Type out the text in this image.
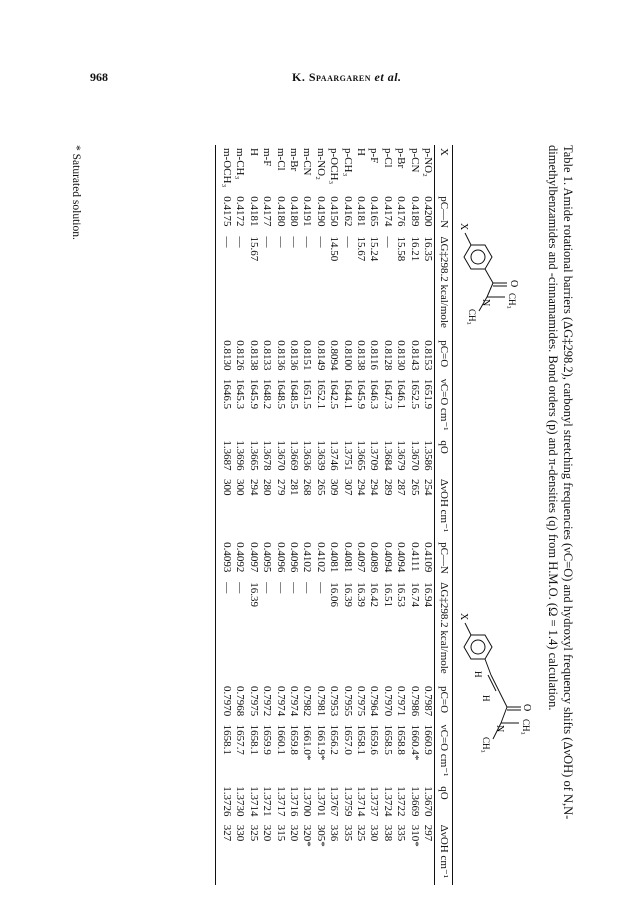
968	K. Spaargaren et al.
Table 1. Amide rotational barriers (ΔG‡298.2), carbonyl stretching frequencies (νC=O) and hydroxyl frequency shifts (ΔνOH) of N,N-dimethylbenzamides and -cinnamamides. Bond orders (p) and π-densities (q) from H.M.O. (Ω = 1.4) calculation.
O
CH₃
N
CH₃
X
O
CH₃
N
CH₃
H
H
X
X	pC—N	ΔG‡298.2 kcal/mole	pC=O	νC=O cm⁻¹	qO	ΔνOH cm⁻¹	pC—N	ΔG‡298.2 kcal/mole	pC=O	νC=O cm⁻¹	qO	ΔνOH cm⁻¹
p-NO₂	0.4200	16.35	0.8153	1651.9	1.3586	254	0.4109	16.94	0.7987	1660.9	1.3670	297
p-CN	0.4189	16.21	0.8143	1652.5	1.3670	265	0.4111	16.74	0.7986	1660.4*	1.3669	310*
p-Br	0.4176	15.58	0.8130	1646.1	1.3679	287	0.4094	16.53	0.7971	1658.8	1.3722	335
p-Cl	0.4174	—	0.8128	1647.3	1.3684	289	0.4094	16.51	0.7970	1658.5	1.3724	338
p-F	0.4165	15.24	0.8116	1646.3	1.3709	294	0.4089	16.42	0.7964	1659.6	1.3737	330
H	0.4181	15.67	0.8138	1645.9	1.3665	294	0.4097	16.39	0.7975	1658.1	1.3714	325
p-CH₃	0.4162	—	0.8100	1644.1	1.3751	307	0.4081	16.39	0.7955	1657.0	1.3759	335
p-OCH₃	0.4150	14.50	0.8094	1642.5	1.3746	309	0.4081	16.06	0.7953	1656.2	1.3767	336
m-NO₂	0.4190	—	0.8149	1652.1	1.3639	265	0.4102	—	0.7981	1661.9*	1.3701	305*
m-CN	0.4191	—	0.8151	1651.5	1.3636	268	0.4102	—	0.7982	1661.0*	1.3700	320*
m-Br	0.4180	—	0.8136	1648.5	1.3669	281	0.4096	—	0.7974	1659.8	1.3716	320
m-Cl	0.4180	—	0.8136	1648.5	1.3670	279	0.4096	—	0.7974	1660.1	1.3717	315
m-F	0.4177	—	0.8133	1648.2	1.3678	280	0.4095	—	0.7972	1659.9	1.3721	320
H	0.4181	15.67	0.8138	1645.9	1.3665	294	0.4097	16.39	0.7975	1658.1	1.3714	325
m-CH₃	0.4172	—	0.8126	1645.3	1.3696	300	0.4092	—	0.7968	1657.7	1.3730	330
m-OCH₃	0.4175	—	0.8130	1646.5	1.3687	300	0.4093	—	0.7970	1658.1	1.3726	327
* Saturated solution.
